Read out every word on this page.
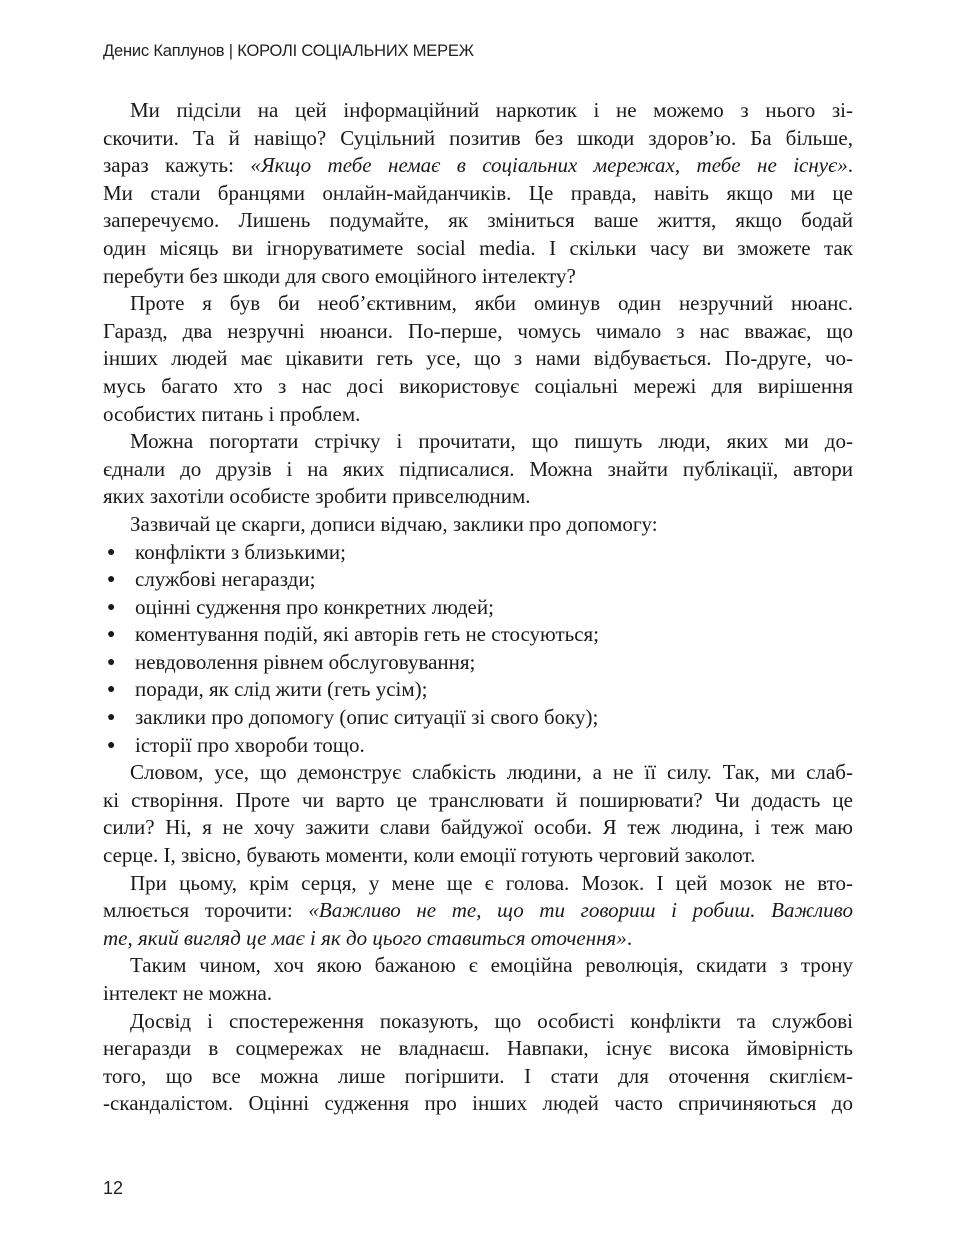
Денис Каплунов | КОРОЛІ СОЦІАЛЬНИХ МЕРЕЖ
Ми підсіли на цей інформаційний наркотик і не можемо з нього зі-
скочити. Та й навіщо? Суцільний позитив без шкоди здоров’ю. Ба більше,
зараз кажуть: «Якщо тебе немає в соціальних мережах, тебе не існує».
Ми стали бранцями онлайн-майданчиків. Це правда, навіть якщо ми це
заперечуємо. Лишень подумайте, як зміниться ваше життя, якщо бодай
один місяць ви ігноруватимете social media. І скільки часу ви зможете так
перебути без шкоди для свого емоційного інтелекту?
Проте я був би необ’єктивним, якби оминув один незручний нюанс.
Гаразд, два незручні нюанси. По-перше, чомусь чимало з нас вважає, що
інших людей має цікавити геть усе, що з нами відбувається. По-друге, чо-
мусь багато хто з нас досі використовує соціальні мережі для вирішення
особистих питань і проблем.
Можна погортати стрічку і прочитати, що пишуть люди, яких ми до-
єднали до друзів і на яких підписалися. Можна знайти публікації, автори
яких захотіли особисте зробити привселюдним.
Зазвичай це скарги, дописи відчаю, заклики про допомогу:
● конфлікти з близькими;
● службові негаразди;
● оцінні судження про конкретних людей;
● коментування подій, які авторів геть не стосуються;
● невдоволення рівнем обслуговування;
● поради, як слід жити (геть усім);
● заклики про допомогу (опис ситуації зі свого боку);
● історії про хвороби тощо.
Словом, усе, що демонструє слабкість людини, а не її силу. Так, ми слаб-
кі створіння. Проте чи варто це транслювати й поширювати? Чи додасть це
сили? Ні, я не хочу зажити слави байдужої особи. Я теж людина, і теж маю
серце. І, звісно, бувають моменти, коли емоції готують черговий заколот.
При цьому, крім серця, у мене ще є голова. Мозок. І цей мозок не вто-
млюється торочити: «Важливо не те, що ти говориш і робиш. Важливо
те, який вигляд це має і як до цього ставиться оточення».
Таким чином, хоч якою бажаною є емоційна революція, скидати з трону
інтелект не можна.
Досвід і спостереження показують, що особисті конфлікти та службові
негаразди в соцмережах не владнаєш. Навпаки, існує висока ймовірність
того, що все можна лише погіршити. І стати для оточення скиглієм-
-скандалістом. Оцінні судження про інших людей часто спричиняються до
12
